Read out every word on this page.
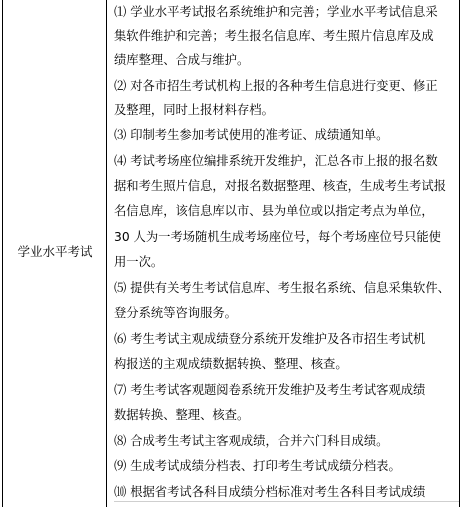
学业水平考试
⑴ 学业水平考试报名系统维护和完善；学业水平考试信息采
集软件维护和完善；考生报名信息库、考生照片信息库及成
绩库整理、合成与维护。
⑵ 对各市招生考试机构上报的各种考生信息进行变更、修正
及整理，同时上报材料存档。
⑶ 印制考生参加考试使用的准考证、成绩通知单。
⑷ 考试考场座位编排系统开发维护，汇总各市上报的报名数
据和考生照片信息，对报名数据整理、核查，生成考生考试报
名信息库，该信息库以市、县为单位或以指定考点为单位，
30 人为一考场随机生成考场座位号，每个考场座位号只能使
用一次。
⑸ 提供有关考生考试信息库、考生报名系统、信息采集软件、
登分系统等咨询服务。
⑹ 考生考试主观成绩登分系统开发维护及各市招生考试机
构报送的主观成绩数据转换、整理、核查。
⑺ 考生考试客观题阅卷系统开发维护及考生考试客观成绩
数据转换、整理、核查。
⑻ 合成考生考试主客观成绩，合并六门科目成绩。
⑼ 生成考试成绩分档表、打印考生考试成绩分档表。
⑽ 根据省考试各科目成绩分档标准对考生各科目考试成绩
